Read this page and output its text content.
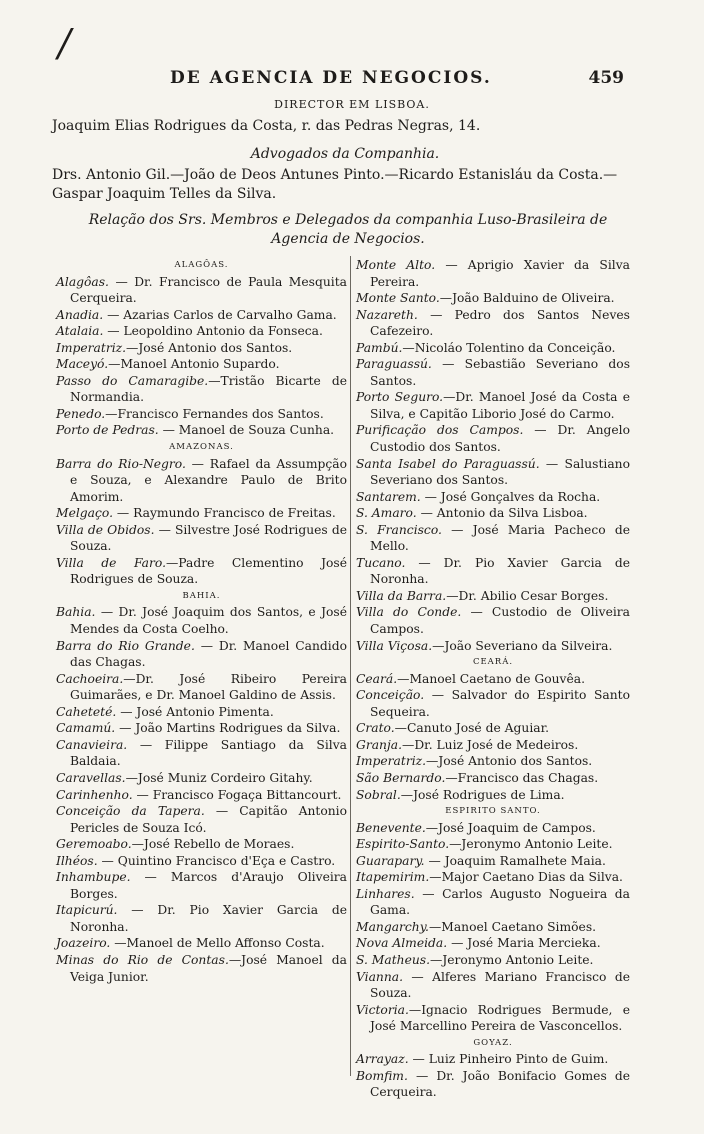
/
DE AGENCIA DE NEGOCIOS.	459
DIRECTOR EM LISBOA.
Joaquim Elias Rodrigues da Costa, r. das Pedras Negras, 14.
Advogados da Companhia.
Drs. Antonio Gil.—João de Deos Antunes Pinto.—Ricardo Estanisláu da Costa.—Gaspar Joaquim Telles da Silva.
Relação dos Srs. Membros e Delegados da companhia Luso-Brasileira de Agencia de Negocios.
ALAGÔAS.

Alagôas. — Dr. Francisco de Paula Mesquita Cerqueira.

Anadia. — Azarias Carlos de Carvalho Gama.

Atalaia. — Leopoldino Antonio da Fonseca.

Imperatriz.—José Antonio dos Santos.

Maceyó.—Manoel Antonio Supardo.

Passo do Camaragibe.—Tristão Bicarte de Normandia.

Penedo.—Francisco Fernandes dos Santos.

Porto de Pedras. — Manoel de Souza Cunha.

AMAZONAS.

Barra do Rio-Negro. — Rafael da Assumpção e Souza, e Alexandre Paulo de Brito Amorim.

Melgaço. — Raymundo Francisco de Freitas.

Villa de Obidos. — Silvestre José Rodrigues de Souza.

Villa de Faro.—Padre Clementino José Rodrigues de Souza.

BAHIA.

Bahia. — Dr. José Joaquim dos Santos, e José Mendes da Costa Coelho.

Barra do Rio Grande. — Dr. Manoel Candido das Chagas.

Cachoeira.—Dr. José Ribeiro Pereira Guimarães, e Dr. Manoel Galdino de Assis.

Caheteté. — José Antonio Pimenta.

Camamú. — João Martins Rodrigues da Silva.

Canavieira. — Filippe Santiago da Silva Baldaia.

Caravellas.—José Muniz Cordeiro Gitahy.

Carinhenho. — Francisco Fogaça Bittancourt.

Conceição da Tapera. — Capitão Antonio Pericles de Souza Icó.

Geremoabo.—José Rebello de Moraes.

Ilhéos. — Quintino Francisco d'Eça e Castro.

Inhambupe. — Marcos d'Araujo Oliveira Borges.

Itapicurú. — Dr. Pio Xavier Garcia de Noronha.

Joazeiro. —Manoel de Mello Affonso Costa.

Minas do Rio de Contas.—José Manoel da Veiga Junior.

Monte Alto. — Aprigio Xavier da Silva Pereira.

Monte Santo.—João Balduino de Oliveira.

Nazareth. — Pedro dos Santos Neves Cafezeiro.

Pambú.—Nicoláo Tolentino da Conceição.

Paraguassú. — Sebastião Severiano dos Santos.

Porto Seguro.—Dr. Manoel José da Costa e Silva, e Capitão Liborio José do Carmo.

Purificação dos Campos. — Dr. Angelo Custodio dos Santos.

Santa Isabel do Paraguassú. — Salustiano Severiano dos Santos.

Santarem. — José Gonçalves da Rocha.

S. Amaro. — Antonio da Silva Lisboa.

S. Francisco. — José Maria Pacheco de Mello.

Tucano. — Dr. Pio Xavier Garcia de Noronha.

Villa da Barra.—Dr. Abilio Cesar Borges.

Villa do Conde. — Custodio de Oliveira Campos.

Villa Viçosa.—João Severiano da Silveira.

CEARÁ.

Ceará.—Manoel Caetano de Gouvêa.

Conceição. — Salvador do Espirito Santo Sequeira.

Crato.—Canuto José de Aguiar.

Granja.—Dr. Luiz José de Medeiros.

Imperatriz.—José Antonio dos Santos.

São Bernardo.—Francisco das Chagas.

Sobral.—José Rodrigues de Lima.

ESPIRITO SANTO.

Benevente.—José Joaquim de Campos.

Espirito-Santo.—Jeronymo Antonio Leite.

Guarapary. — Joaquim Ramalhete Maia.

Itapemirim.—Major Caetano Dias da Silva.

Linhares. — Carlos Augusto Nogueira da Gama.

Mangarchy.—Manoel Caetano Simões.

Nova Almeida. — José Maria Mercieka.

S. Matheus.—Jeronymo Antonio Leite.

Vianna. — Alferes Mariano Francisco de Souza.

Victoria.—Ignacio Rodrigues Bermude, e José Marcellino Pereira de Vasconcellos.

GOYAZ.

Arrayaz. — Luiz Pinheiro Pinto de Guim.

Bomfim. — Dr. João Bonifacio Gomes de Cerqueira.
